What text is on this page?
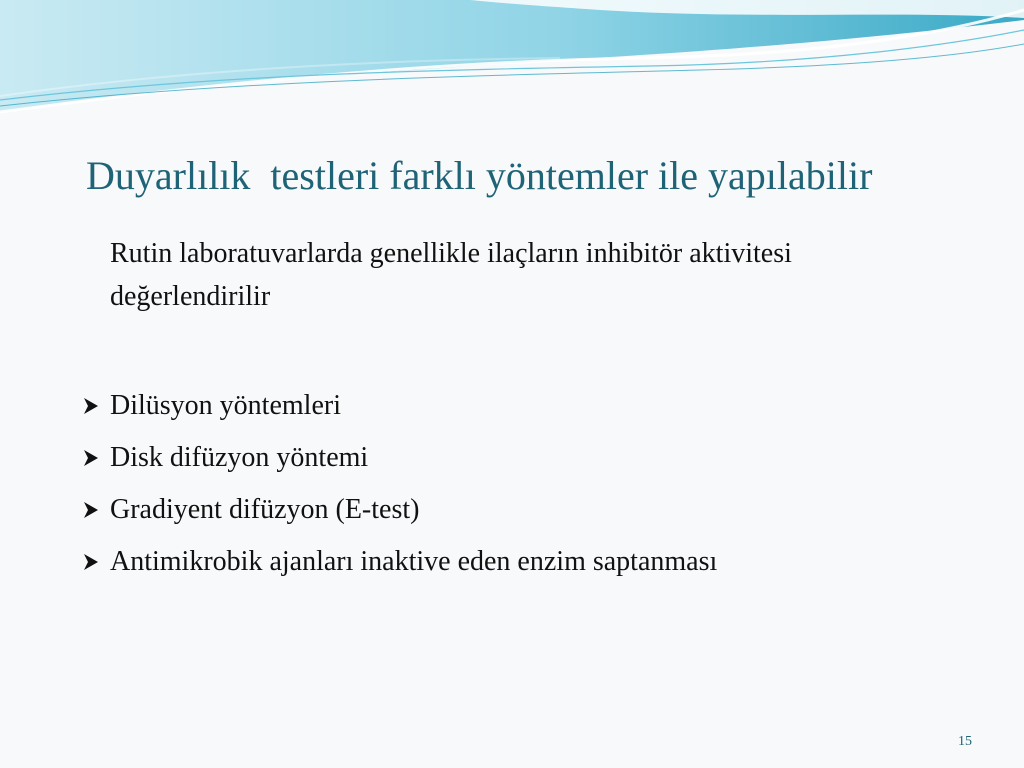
Duyarlılık  testleri farklı yöntemler ile yapılabilir
Rutin laboratuvarlarda genellikle ilaçların inhibitör aktivitesi değerlendirilir
Dilüsyon yöntemleri
Disk difüzyon yöntemi
Gradiyent difüzyon (E-test)
Antimikrobik ajanları inaktive eden enzim saptanması
15
